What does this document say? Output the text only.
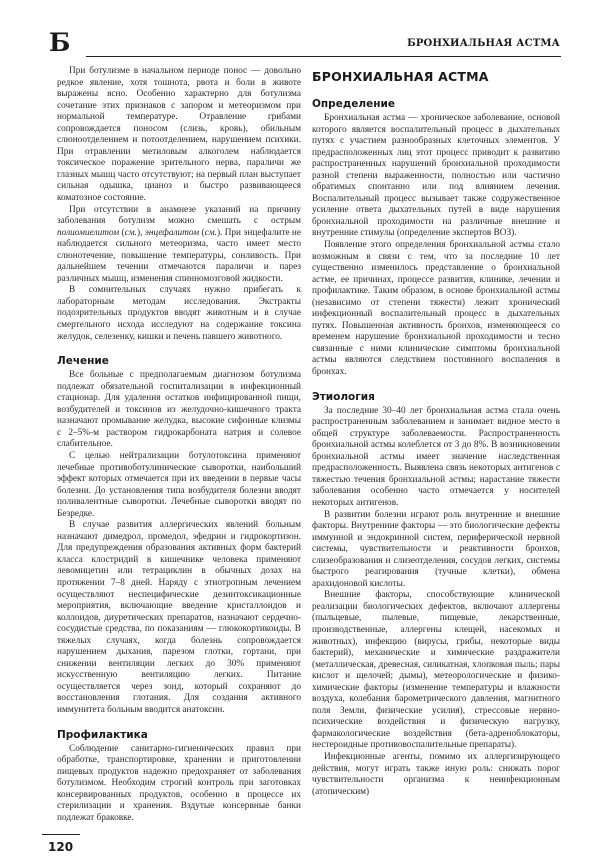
Б	БРОНХИАЛЬНАЯ АСТМА

При ботулизме в начальном периоде понос — довольно редкое явление, хотя тошнота, рвота и боли в животе выражены ясно. Особенно характерно для ботулизма сочетание этих признаков с запором и метеоризмом при нормальной температуре. Отравление грибами сопровождается поносом (слизь, кровь), обильным слюноотделением и потоотделением, нарушением психики. При отравлении метиловым алкоголем наблюдается токсическое поражение зрительного нерва, параличи же глазных мышц часто отсутствуют; на первый план выступает сильная одышка, цианоз и быстро развивающееся коматозное состояние.

При отсутствии в анамнезе указаний на причину заболевания ботулизм можно смешать с острым полиомиелитом (см.), энцефалитом (см.). При энцефалите не наблюдается сильного метеоризма, часто имеет место слюнотечение, повышение температуры, сонливость. При дальнейшем течении отмечаются параличи и парез различных мышц, изменения спинномозговой жидкости.

В сомнительных случаях нужно прибегать к лабораторным методам исследования. Экстракты подозрительных продуктов вводят животным и в случае смертельного исхода исследуют на содержание токсина желудок, селезенку, кишки и печень павшего животного.

Лечение

Все больные с предполагаемым диагнозом ботулизма подлежат обязательной госпитализации в инфекционный стационар. Для удаления остатков инфицированной пищи, возбудителей и токсинов из желудочно-кишечного тракта назначают промывание желудка, высокие сифонные клизмы с 2–5%-м раствором гидрокарбоната натрия и солевое слабительное.

С целью нейтрализации ботулотоксина применяют лечебные противоботулинические сыворотки, наибольший эффект которых отмечается при их введении в первые часы болезни. До установления типа возбудителя болезни вводят поливалентные сыворотки. Лечебные сыворотки вводят по Безредке.

В случае развития аллергических явлений больным назначают димедрол, промедол, эфедрин и гидрокортизон. Для предупреждения образования активных форм бактерий класса клостридий в кишечнике человека применяют левомицетин или тетрациклин в обычных дозах на протяжении 7–8 дней. Наряду с этиотропным лечением осуществляют неспецифические дезинтоксикационные мероприятия, включающие введение кристаллоидов и коллоидов, диуретических препаратов, назначают сердечно-сосудистые средства, по показаниям — глюкокортикоиды. В тяжелых случаях, когда болезнь сопровождается нарушением дыхания, парезом глотки, гортани, при снижении вентиляции легких до 30% применяют искусственную вентиляцию легких. Питание осуществляется через зонд, который сохраняют до восстановления глотания. Для создания активного иммунитета больным вводится анатоксин.

Профилактика

Соблюдение санитарно-гигиенических правил при обработке, транспортировке, хранении и приготовлении пищевых продуктов надежно предохраняет от заболевания ботулизмом. Необходим строгий контроль при заготовках консервированных продуктов, особенно в процессе их стерилизации и хранения. Вздутые консервные банки подлежат браковке.

120
БРОНХИАЛЬНАЯ АСТМА
Определение

Бронхиальная астма — хроническое заболевание, основой которого является воспалительный процесс в дыхательных путях с участием разнообразных клеточных элементов. У предрасположенных лиц этот процесс приводит к развитию распространенных нарушений бронхиальной проходимости разной степени выраженности, полностью или частично обратимых спонтанно или под влиянием лечения. Воспалительный процесс вызывает также содружественное усиление ответа дыхательных путей в виде нарушения бронхиальной проходимости на различные внешние и внутренние стимулы (определение экспертов ВОЗ).

Появление этого определения бронхиальной астмы стало возможным в связи с тем, что за последние 10 лет существенно изменилось представление о бронхиальной астме, ее причинах, процессе развития, клинике, лечении и профилактике. Таким образом, в основе бронхиальной астмы (независимо от степени тяжести) лежит хронический инфекционный воспалительный процесс в дыхательных путях. Повышенная активность бронхов, изменяющееся со временем нарушение бронхиальной проходимости и тесно связанные с ними клинические симптомы бронхиальной астмы являются следствием постоянного воспаления в бронхах.

Этиология

За последние 30–40 лет бронхиальная астма стала очень распространенным заболеванием и занимает видное место в общей структуре заболеваемости. Распространенность бронхиальной астмы колеблется от 3 до 8%. В возникновении бронхиальной астмы имеет значение наследственная предрасположенность. Выявлена связь некоторых антигенов с тяжестью течения бронхиальной астмы; нарастание тяжести заболевания особенно часто отмечается у носителей некоторых антигенов.

В развитии болезни играют роль внутренние и внешние факторы. Внутренние факторы — это биологические дефекты иммунной и эндокринной систем, периферической нервной системы, чувствительности и реактивности бронхов, слизеобразования и слизеотделения, сосудов легких, системы быстрого реагирования (тучные клетки), обмена арахидоновой кислоты.

Внешние факторы, способствующие клинической реализации биологических дефектов, включают аллергены (пыльцевые, пылевые, пищевые, лекарственные, производственные, аллергены клещей, насекомых и животных), инфекцию (вирусы, грибы, некоторые виды бактерий), механические и химические раздражители (металлическая, древесная, силикатная, хлопковая пыль; пары кислот и щелочей; дымы), метеорологические и физико-химические факторы (изменение температуры и влажности воздуха, колебания барометрического давления, магнитного поля Земли, физические усилия), стрессовые нервно-психические воздействия и физическую нагрузку, фармакологические воздействия (бета-адреноблокаторы, нестероидные противовоспалительные препараты).

Инфекционные агенты, помимо их аллергизирующего действия, могут играть также иную роль: снижать порог чувствительности организма к неинфекционным (атопическим)
